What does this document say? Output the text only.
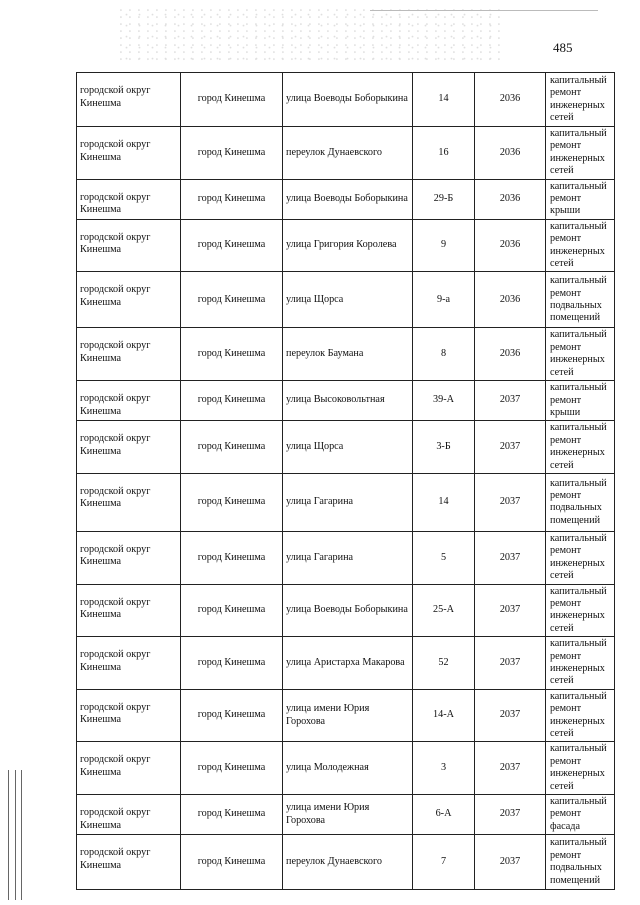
485
городской округ Кинешма	город Кинешма	улица Воеводы Боборыкина	14	2036	капитальный ремонт инженерных сетей
городской округ Кинешма	город Кинешма	переулок Дунаевского	16	2036	капитальный ремонт инженерных сетей
городской округ Кинешма	город Кинешма	улица Воеводы Боборыкина	29-Б	2036	капитальный ремонт крыши
городской округ Кинешма	город Кинешма	улица Григория Королева	9	2036	капитальный ремонт инженерных сетей
городской округ Кинешма	город Кинешма	улица Щорса	9-а	2036	капитальный ремонт подвальных помещений
городской округ Кинешма	город Кинешма	переулок Баумана	8	2036	капитальный ремонт инженерных сетей
городской округ Кинешма	город Кинешма	улица Высоковольтная	39-А	2037	капитальный ремонт крыши
городской округ Кинешма	город Кинешма	улица Щорса	3-Б	2037	капитальный ремонт инженерных сетей
городской округ Кинешма	город Кинешма	улица Гагарина	14	2037	капитальный ремонт подвальных помещений
городской округ Кинешма	город Кинешма	улица Гагарина	5	2037	капитальный ремонт инженерных сетей
городской округ Кинешма	город Кинешма	улица Воеводы Боборыкина	25-А	2037	капитальный ремонт инженерных сетей
городской округ Кинешма	город Кинешма	улица Аристарха Макарова	52	2037	капитальный ремонт инженерных сетей
городской округ Кинешма	город Кинешма	улица имени Юрия Горохова	14-А	2037	капитальный ремонт инженерных сетей
городской округ Кинешма	город Кинешма	улица Молодежная	3	2037	капитальный ремонт инженерных сетей
городской округ Кинешма	город Кинешма	улица имени Юрия Горохова	6-А	2037	капитальный ремонт фасада
городской округ Кинешма	город Кинешма	переулок Дунаевского	7	2037	капитальный ремонт подвальных помещений
